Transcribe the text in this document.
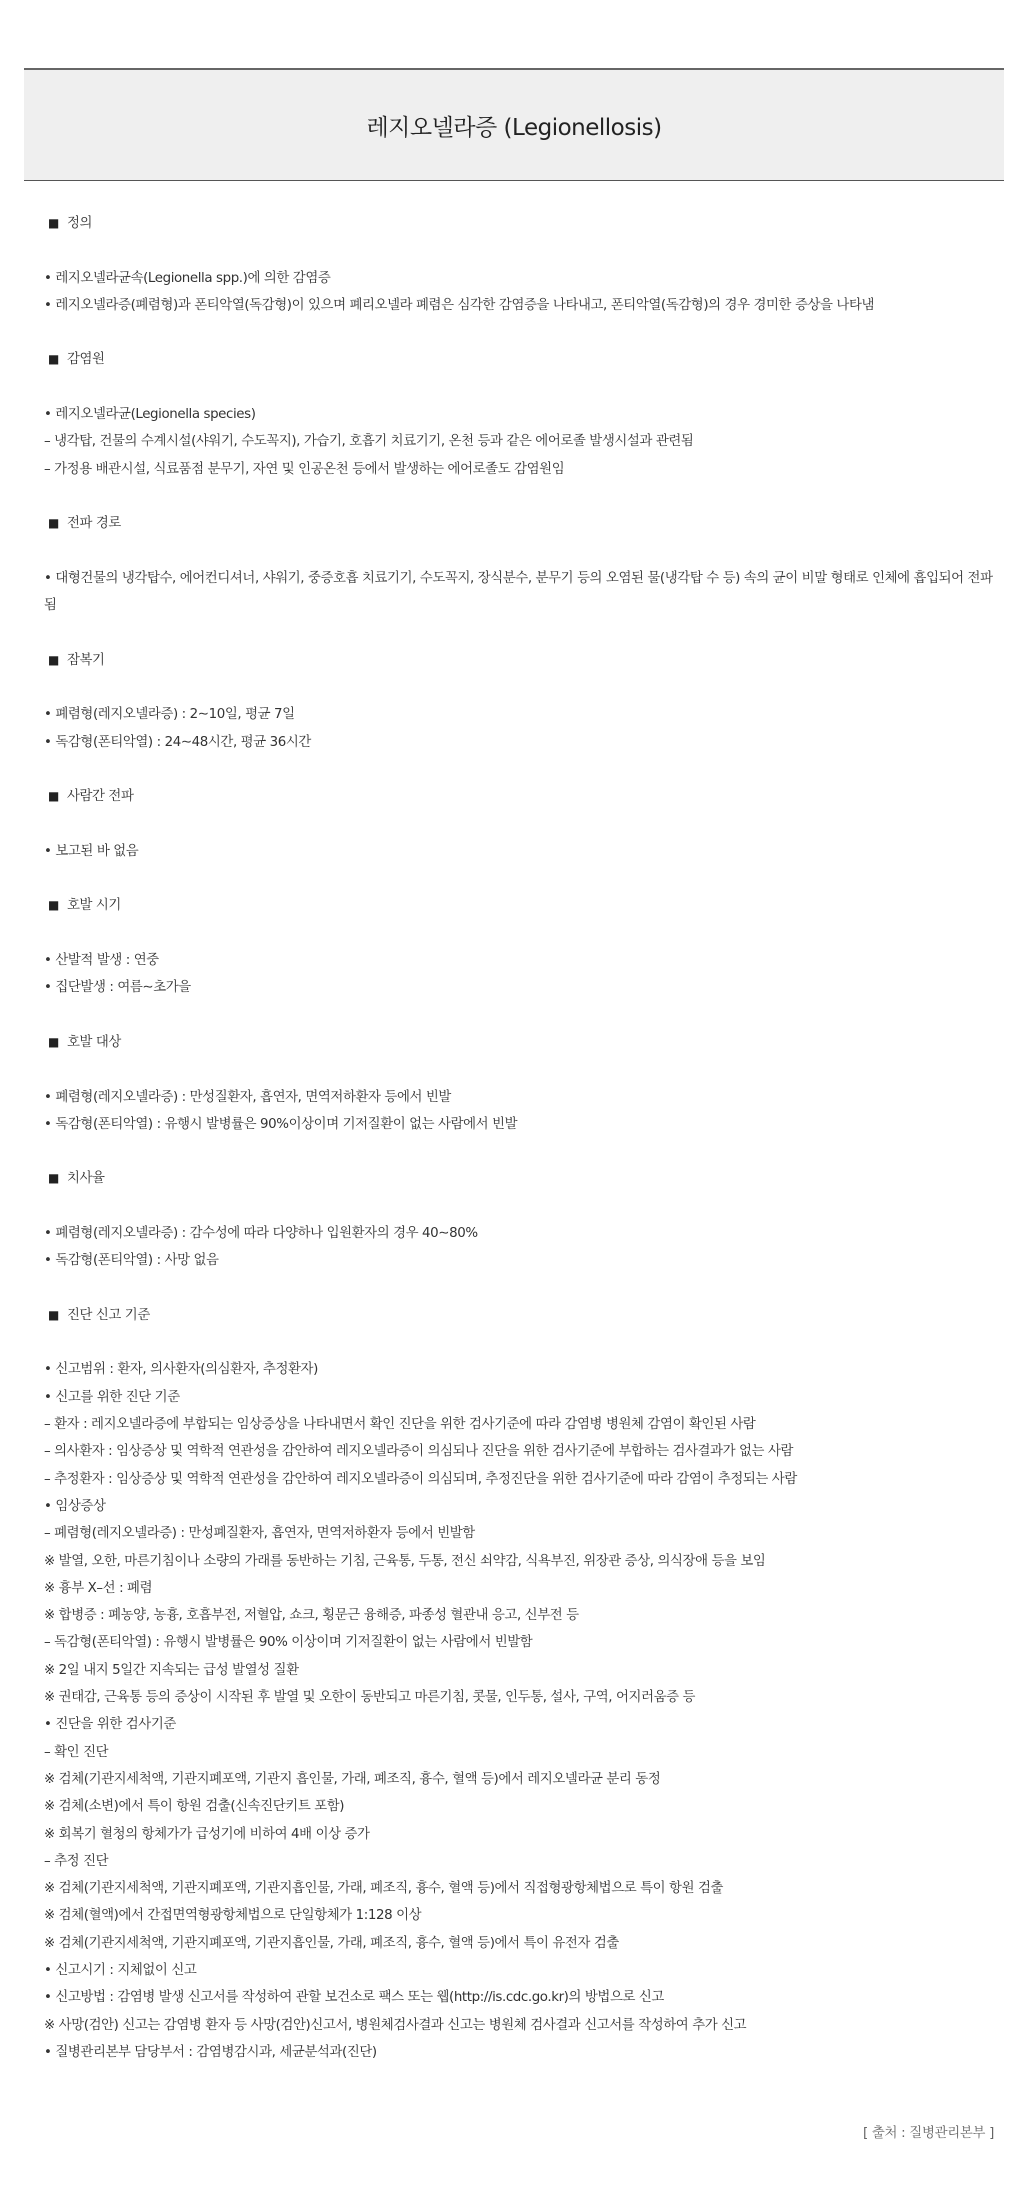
레지오넬라증 (Legionellosis)
■ 정의
• 레지오넬라균속(Legionella spp.)에 의한 감염증
• 레지오넬라증(폐렴형)과 폰티악열(독감형)이 있으며 폐리오넬라 폐렴은 심각한 감염증을 나타내고, 폰티악열(독감형)의 경우 경미한 증상을 나타냄
■ 감염원
• 레지오넬라균(Legionella species)
– 냉각탑, 건물의 수계시설(샤워기, 수도꼭지), 가습기, 호흡기 치료기기, 온천 등과 같은 에어로졸 발생시설과 관련됨
– 가정용 배관시설, 식료품점 분무기, 자연 및 인공온천 등에서 발생하는 에어로졸도 감염원임
■ 전파 경로
• 대형건물의 냉각탑수, 에어컨디셔너, 샤워기, 중증호흡 치료기기, 수도꼭지, 장식분수, 분무기 등의 오염된 물(냉각탑 수 등) 속의 균이 비말 형태로 인체에 흡입되어 전파됨
■ 잠복기
• 폐렴형(레지오넬라증) : 2∼10일, 평균 7일
• 독감형(폰티악열) : 24∼48시간, 평균 36시간
■ 사람간 전파
• 보고된 바 없음
■ 호발 시기
• 산발적 발생 : 연중
• 집단발생 : 여름∼초가을
■ 호발 대상
• 폐렴형(레지오넬라증) : 만성질환자, 흡연자, 면역저하환자 등에서 빈발
• 독감형(폰티악열) : 유행시 발병률은 90%이상이며 기저질환이 없는 사람에서 빈발
■ 치사율
• 폐렴형(레지오넬라증) : 감수성에 따라 다양하나 입원환자의 경우 40∼80%
• 독감형(폰티악열) : 사망 없음
■ 진단 신고 기준
• 신고범위 : 환자, 의사환자(의심환자, 추정환자)
• 신고를 위한 진단 기준
– 환자 : 레지오넬라증에 부합되는 임상증상을 나타내면서 확인 진단을 위한 검사기준에 따라 감염병 병원체 감염이 확인된 사람
– 의사환자 : 임상증상 및 역학적 연관성을 감안하여 레지오넬라증이 의심되나 진단을 위한 검사기준에 부합하는 검사결과가 없는 사람
– 추정환자 : 임상증상 및 역학적 연관성을 감안하여 레지오넬라증이 의심되며, 추정진단을 위한 검사기준에 따라 감염이 추정되는 사람
• 임상증상
– 폐렴형(레지오넬라증) : 만성폐질환자, 흡연자, 면역저하환자 등에서 빈발함
※ 발열, 오한, 마른기침이나 소량의 가래를 동반하는 기침, 근육통, 두통, 전신 쇠약감, 식욕부진, 위장관 증상, 의식장애 등을 보임
※ 흉부 X–선 : 폐렴
※ 합병증 : 폐농양, 농흉, 호흡부전, 저혈압, 쇼크, 횡문근 융해증, 파종성 혈관내 응고, 신부전 등
– 독감형(폰티악열) : 유행시 발병률은 90% 이상이며 기저질환이 없는 사람에서 빈발함
※ 2일 내지 5일간 지속되는 급성 발열성 질환
※ 권태감, 근육통 등의 증상이 시작된 후 발열 및 오한이 동반되고 마른기침, 콧물, 인두통, 설사, 구역, 어지러움증 등
• 진단을 위한 검사기준
– 확인 진단
※ 검체(기관지세척액, 기관지폐포액, 기관지 흡인물, 가래, 폐조직, 흉수, 혈액 등)에서 레지오넬라균 분리 동정
※ 검체(소변)에서 특이 항원 검출(신속진단키트 포함)
※ 회복기 혈청의 항체가가 급성기에 비하여 4배 이상 증가
– 추정 진단
※ 검체(기관지세척액, 기관지폐포액, 기관지흡인물, 가래, 폐조직, 흉수, 혈액 등)에서 직접형광항체법으로 특이 항원 검출
※ 검체(혈액)에서 간접면역형광항체법으로 단일항체가 1:128 이상
※ 검체(기관지세척액, 기관지폐포액, 기관지흡인물, 가래, 폐조직, 흉수, 혈액 등)에서 특이 유전자 검출
• 신고시기 : 지체없이 신고
• 신고방법 : 감염병 발생 신고서를 작성하여 관할 보건소로 팩스 또는 웹(http://is.cdc.go.kr)의 방법으로 신고
※ 사망(검안) 신고는 감염병 환자 등 사망(검안)신고서, 병원체검사결과 신고는 병원체 검사결과 신고서를 작성하여 추가 신고
• 질병관리본부 담당부서 : 감염병감시과, 세균분석과(진단)
[ 출처 : 질병관리본부 ]
